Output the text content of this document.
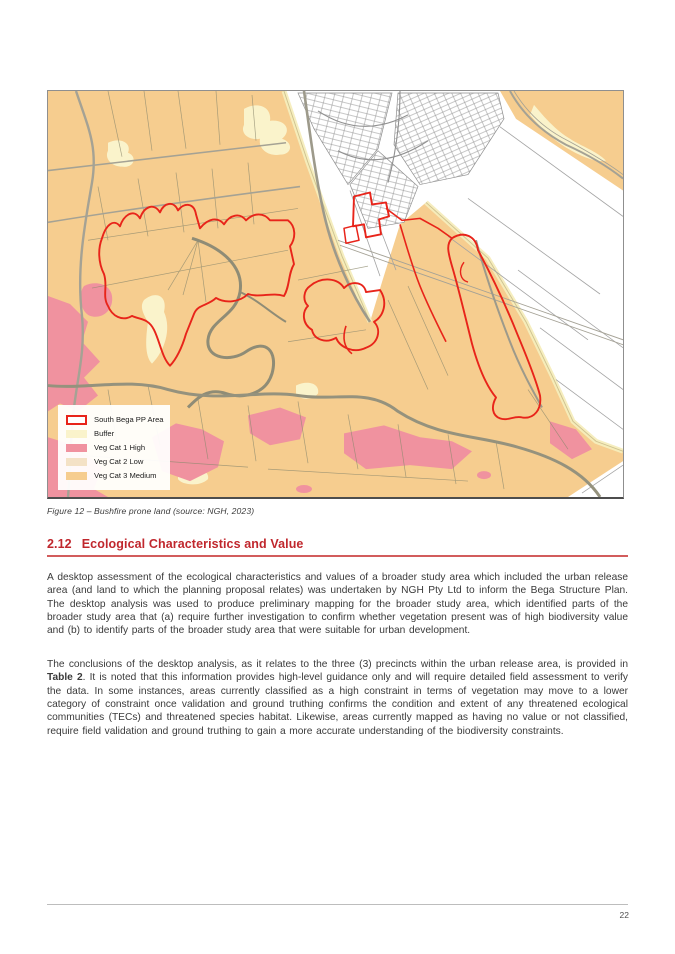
South Bega PP Area
Buffer
Veg Cat 1 High
Veg Cat 2 Low
Veg Cat 3 Medium
Figure 12 – Bushfire prone land (source: NGH, 2023)
2.12 Ecological Characteristics and Value
A desktop assessment of the ecological characteristics and values of a broader study area which included the urban release area (and land to which the planning proposal relates) was undertaken by NGH Pty Ltd to inform the Bega Structure Plan. The desktop analysis was used to produce preliminary mapping for the broader study area, which identified parts of the broader study area that (a) require further investigation to confirm whether vegetation present was of high biodiversity value and (b) to identify parts of the broader study area that were suitable for urban development.
The conclusions of the desktop analysis, as it relates to the three (3) precincts within the urban release area, is provided in Table 2. It is noted that this information provides high-level guidance only and will require detailed field assessment to verify the data. In some instances, areas currently classified as a high constraint in terms of vegetation may move to a lower category of constraint once validation and ground truthing confirms the condition and extent of any threatened ecological communities (TECs) and threatened species habitat. Likewise, areas currently mapped as having no value or not classified, require field validation and ground truthing to gain a more accurate understanding of the biodiversity constraints.
22
